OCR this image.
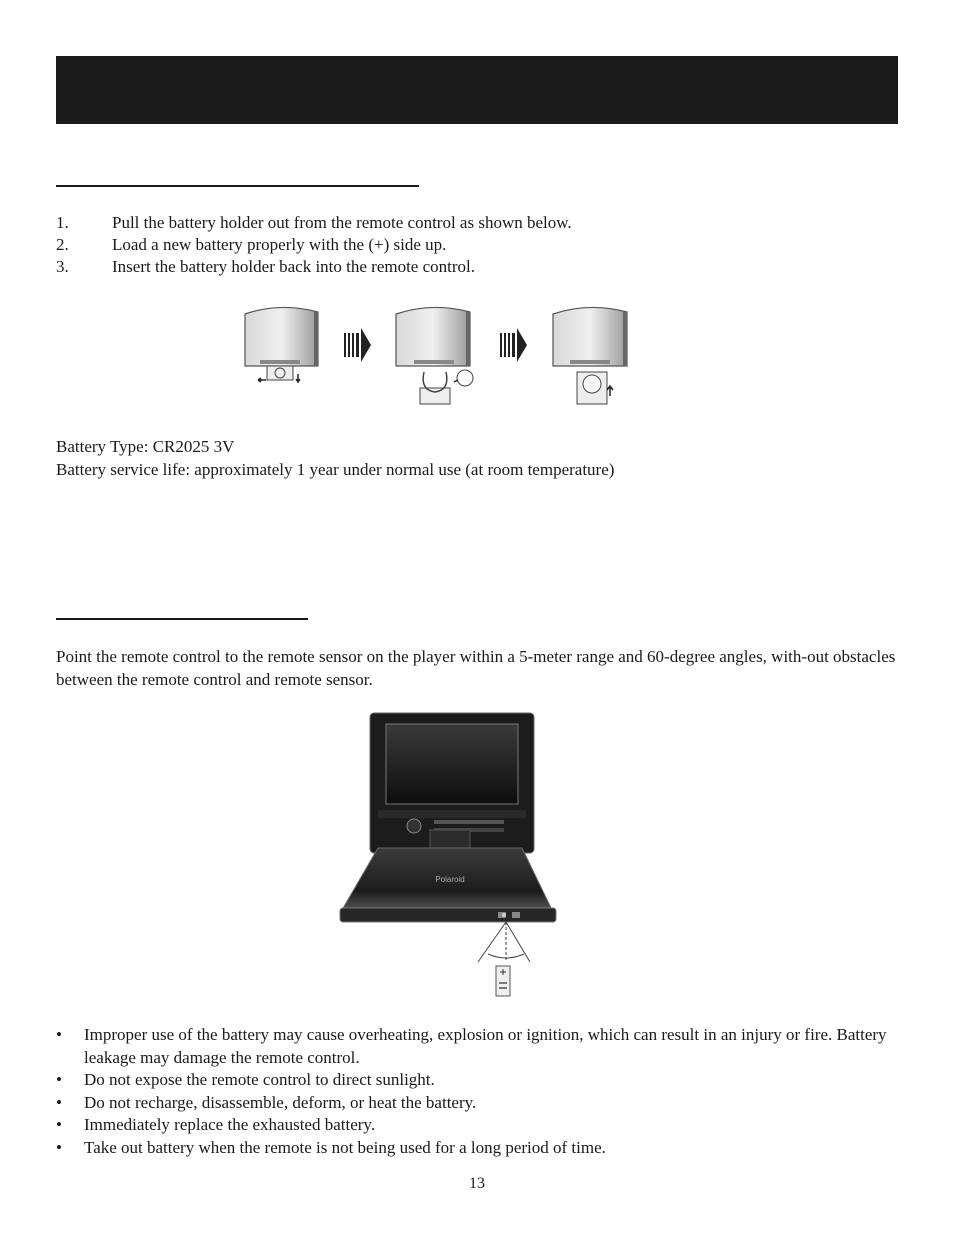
1.	Pull the battery holder out from the remote control as shown below.
2.	Load a new battery properly with the (+) side up.
3.	Insert the battery holder back into the remote control.
Battery Type: CR2025 3V
Battery service life: approximately 1 year under normal use (at room temperature)
Point the remote control to the remote sensor on the player within a 5-meter range and 60-degree angles, with-out obstacles between the remote control and remote sensor.
Polaroid
• Improper use of the battery may cause overheating, explosion or ignition, which can result in an injury or fire. Battery leakage may damage the remote control.
• Do not expose the remote control to direct sunlight.
• Do not recharge, disassemble, deform, or heat the battery.
• Immediately replace the exhausted battery.
• Take out battery when the remote is not being used for a long period of time.
13
